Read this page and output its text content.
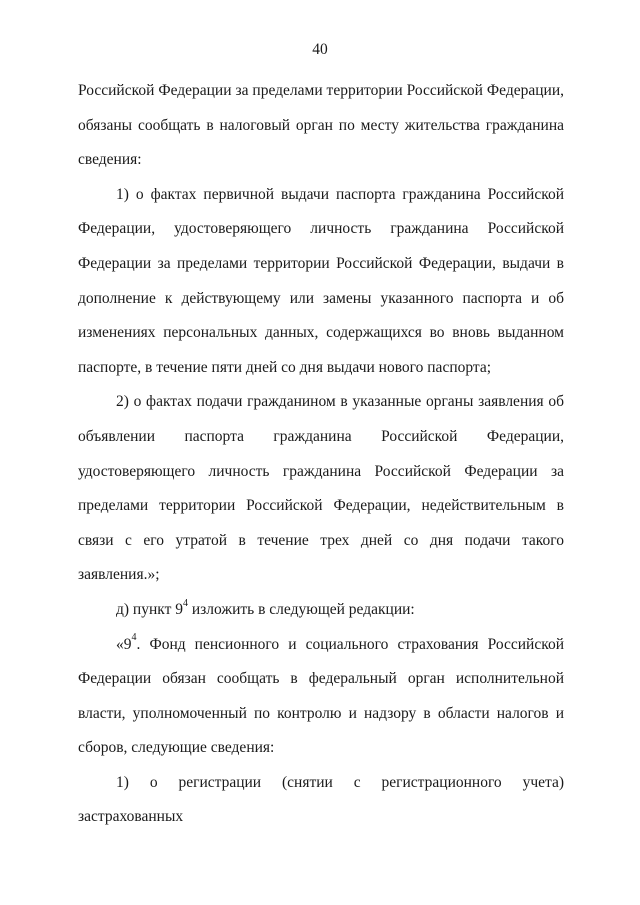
40

Российской Федерации за пределами территории Российской Федерации, обязаны сообщать в налоговый орган по месту жительства гражданина сведения:

1) о фактах первичной выдачи паспорта гражданина Российской Федерации, удостоверяющего личность гражданина Российской Федерации за пределами территории Российской Федерации, выдачи в дополнение к действующему или замены указанного паспорта и об изменениях персональных данных, содержащихся во вновь выданном паспорте, в течение пяти дней со дня выдачи нового паспорта;

2) о фактах подачи гражданином в указанные органы заявления об объявлении паспорта гражданина Российской Федерации, удостоверяющего личность гражданина Российской Федерации за пределами территории Российской Федерации, недействительным в связи с его утратой в течение трех дней со дня подачи такого заявления.»;

д) пункт $9^4$ изложить в следующей редакции:

«$9^4$. Фонд пенсионного и социального страхования Российской Федерации обязан сообщать в федеральный орган исполнительной власти, уполномоченный по контролю и надзору в области налогов и сборов, следующие сведения:

1) о регистрации (снятии с регистрационного учета) застрахованных
